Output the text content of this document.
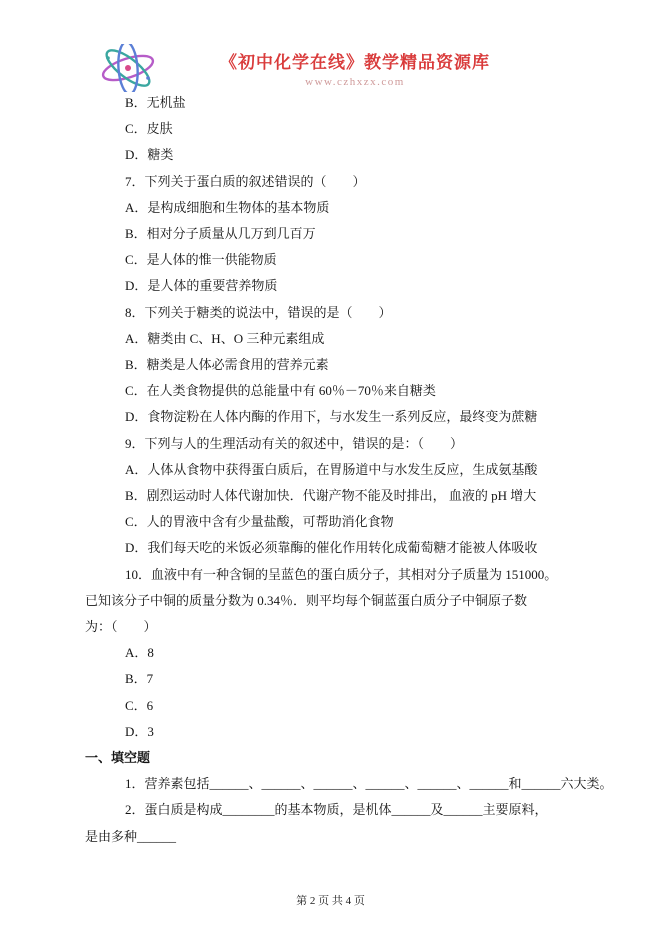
《初中化学在线》教学精品资源库
www.czhxzx.com

B．无机盐

C．皮肤

D．糖类

7．下列关于蛋白质的叙述错误的（　　）

A．是构成细胞和生物体的基本物质

B．相对分子质量从几万到几百万

C．是人体的惟一供能物质

D．是人体的重要营养物质

8．下列关于糖类的说法中，错误的是（　　）

A．糖类由 C、H、O 三种元素组成

B．糖类是人体必需食用的营养元素

C．在人类食物提供的总能量中有 60％－70％来自糖类

D．食物淀粉在人体内酶的作用下，与水发生一系列反应，最终变为蔗糖

9．下列与人的生理活动有关的叙述中，错误的是：（　　）

A．人体从食物中获得蛋白质后，在胃肠道中与水发生反应，生成氨基酸

B．剧烈运动时人体代谢加快．代谢产物不能及时排出， 血液的 pH 增大

C．人的胃液中含有少量盐酸，可帮助消化食物

D．我们每天吃的米饭必须靠酶的催化作用转化成葡萄糖才能被人体吸收

10．血液中有一种含铜的呈蓝色的蛋白质分子，其相对分子质量为 151000。

已知该分子中铜的质量分数为 0.34％．则平均每个铜蓝蛋白质分子中铜原子数

为：（　　）

A．8

B．7

C．6

D．3

一、填空题

1．营养素包括______、______、______、______、______、______和______六大类。

2．蛋白质是构成________的基本物质，是机体______及______主要原料，

是由多种______

第 2 页 共 4 页
